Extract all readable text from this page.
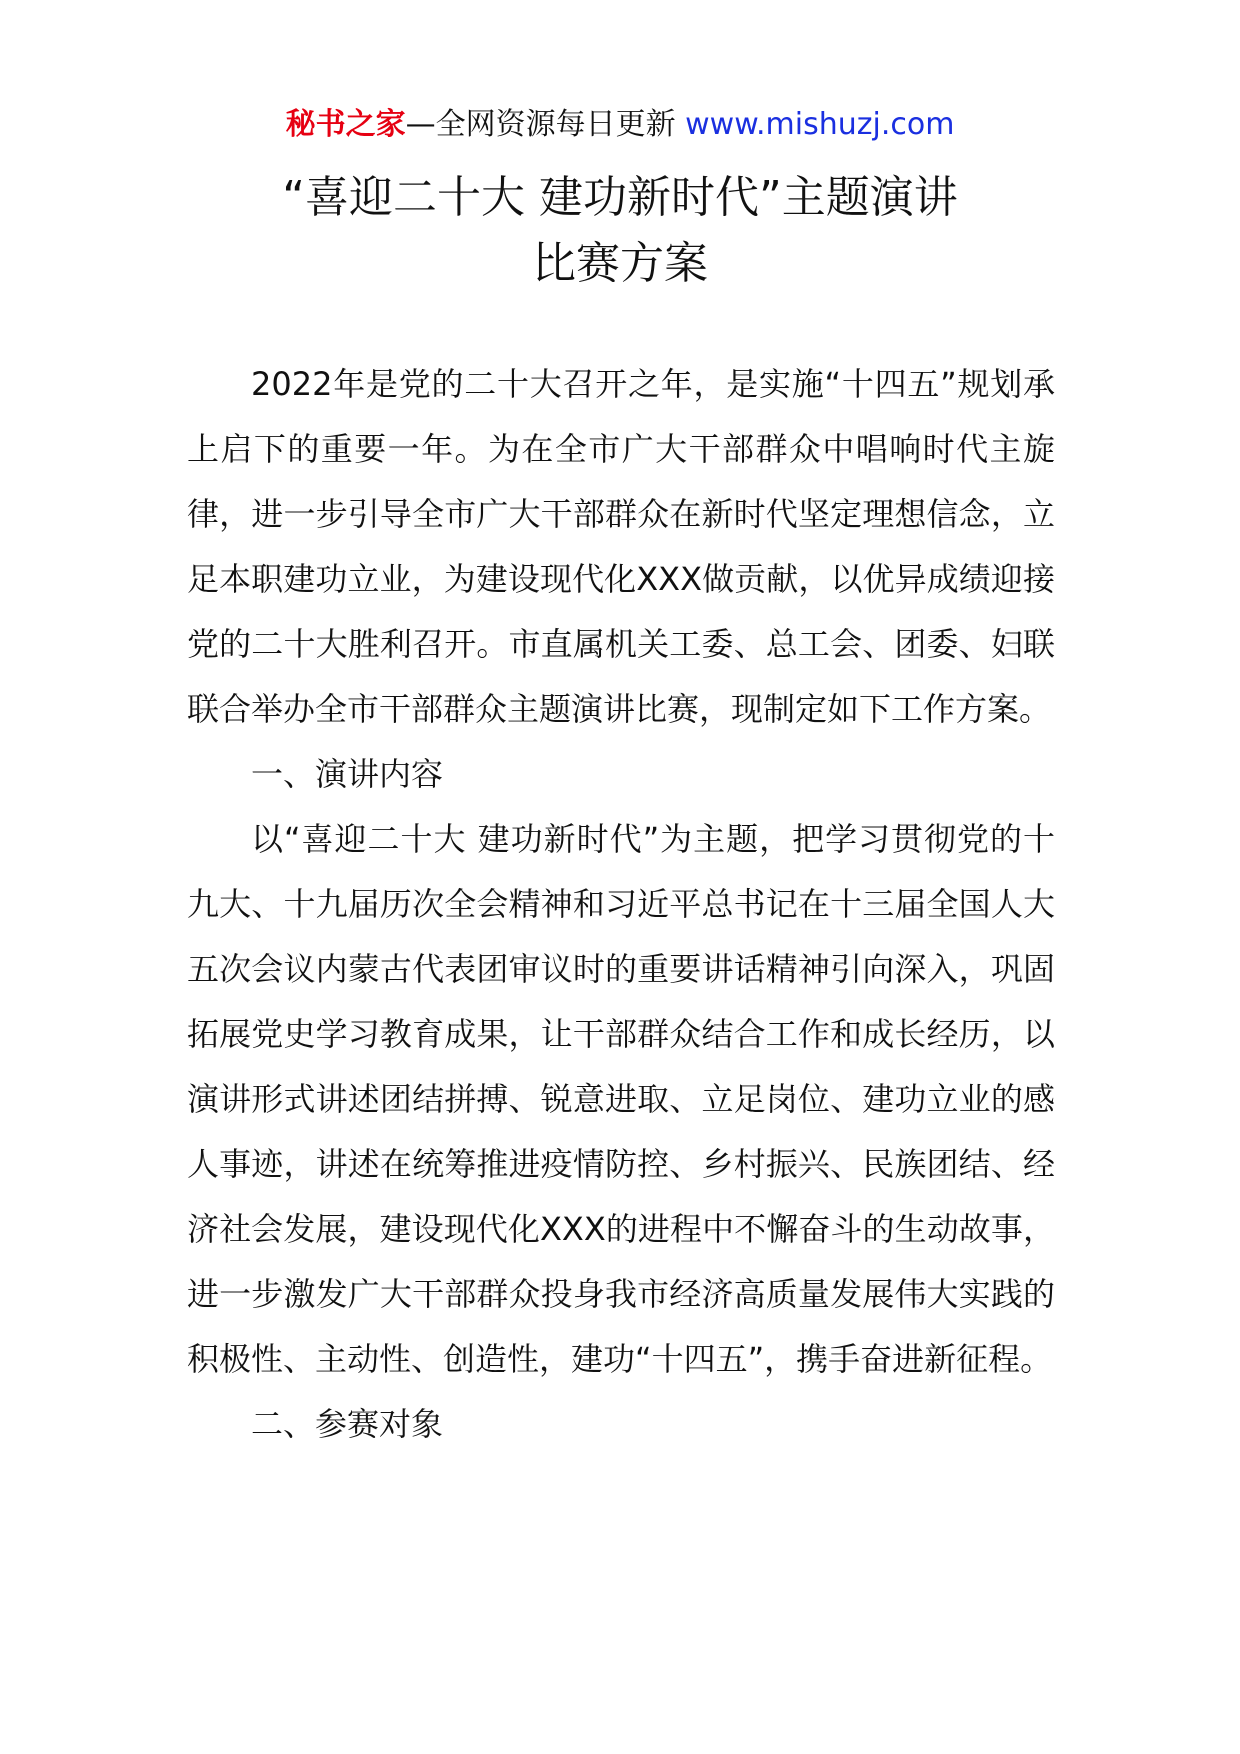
秘书之家—全网资源每日更新 www.mishuzj.com
“喜迎二十大 建功新时代”主题演讲
比赛方案

2022年是党的二十大召开之年，是实施“十四五”规划承上启下的重要一年。为在全市广大干部群众中唱响时代主旋律，进一步引导全市广大干部群众在新时代坚定理想信念，立足本职建功立业，为建设现代化XXX做贡献，以优异成绩迎接党的二十大胜利召开。市直属机关工委、总工会、团委、妇联联合举办全市干部群众主题演讲比赛，现制定如下工作方案。

一、演讲内容

以“喜迎二十大 建功新时代”为主题，把学习贯彻党的十九大、十九届历次全会精神和习近平总书记在十三届全国人大五次会议内蒙古代表团审议时的重要讲话精神引向深入，巩固拓展党史学习教育成果，让干部群众结合工作和成长经历，以演讲形式讲述团结拼搏、锐意进取、立足岗位、建功立业的感人事迹，讲述在统筹推进疫情防控、乡村振兴、民族团结、经济社会发展，建设现代化XXX的进程中不懈奋斗的生动故事，进一步激发广大干部群众投身我市经济高质量发展伟大实践的积极性、主动性、创造性，建功“十四五”，携手奋进新征程。

二、参赛对象
